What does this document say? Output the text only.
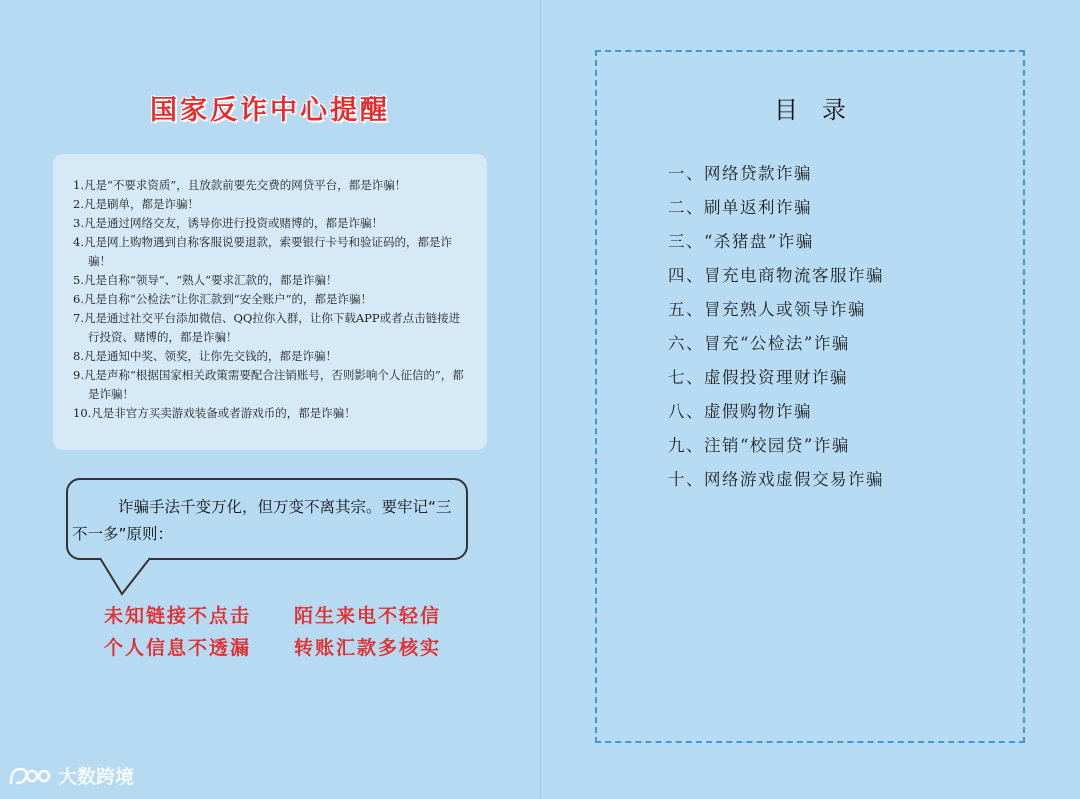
国家反诈中心提醒
1.凡是“不要求资质”，且放款前要先交费的网贷平台，都是诈骗！
2.凡是刷单，都是诈骗！
3.凡是通过网络交友，诱导你进行投资或赌博的，都是诈骗！
4.凡是网上购物遇到自称客服说要退款，索要银行卡号和验证码的，都是诈骗！
5.凡是自称“领导”、“熟人”要求汇款的，都是诈骗！
6.凡是自称“公检法”让你汇款到“安全账户”的，都是诈骗！
7.凡是通过社交平台添加微信、QQ拉你入群，让你下载APP或者点击链接进行投资、赌博的，都是诈骗！
8.凡是通知中奖、领奖，让你先交钱的，都是诈骗！
9.凡是声称“根据国家相关政策需要配合注销账号，否则影响个人征信的”，都是诈骗！
10.凡是非官方买卖游戏装备或者游戏币的，都是诈骗！
诈骗手法千变万化，但万变不离其宗。要牢记“三不一多”原则：
未知链接不点击 陌生来电不轻信
个人信息不透漏 转账汇款多核实
目　录
一、网络贷款诈骗
二、刷单返利诈骗
三、“杀猪盘”诈骗
四、冒充电商物流客服诈骗
五、冒充熟人或领导诈骗
六、冒充“公检法”诈骗
七、虚假投资理财诈骗
八、虚假购物诈骗
九、注销“校园贷”诈骗
十、网络游戏虚假交易诈骗
大数跨境
